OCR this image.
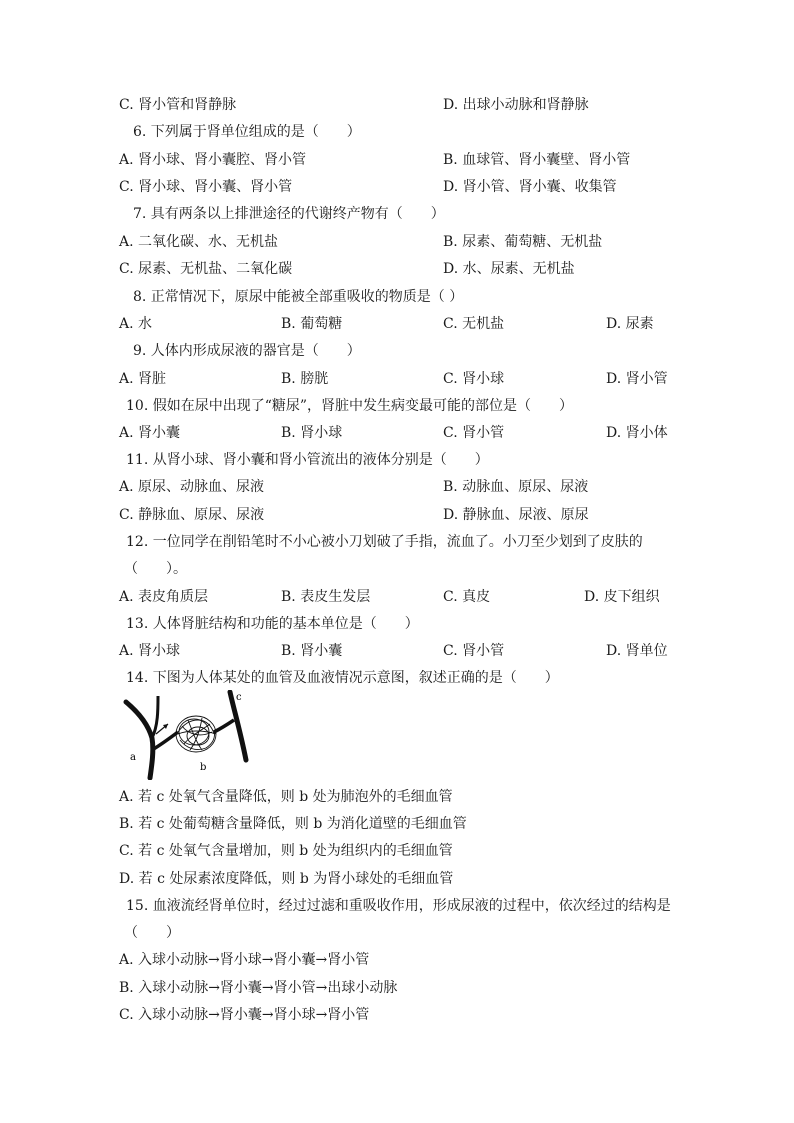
C. 肾小管和肾静脉	D. 出球小动脉和肾静脉
6. 下列属于肾单位组成的是（　　）
A. 肾小球、肾小囊腔、肾小管	B. 血球管、肾小囊壁、肾小管
C. 肾小球、肾小囊、肾小管	D. 肾小管、肾小囊、收集管
7. 具有两条以上排泄途径的代谢终产物有（　　）
A. 二氧化碳、水、无机盐	B. 尿素、葡萄糖、无机盐
C. 尿素、无机盐、二氧化碳	D. 水、尿素、无机盐
8. 正常情况下，原尿中能被全部重吸收的物质是（ ）
A. 水	B. 葡萄糖	C. 无机盐	D. 尿素
9. 人体内形成尿液的器官是（　　）
A. 肾脏	B. 膀胱	C. 肾小球	D. 肾小管
10. 假如在尿中出现了“糖尿”，肾脏中发生病变最可能的部位是（　　）
A. 肾小囊	B. 肾小球	C. 肾小管	D. 肾小体
11. 从肾小球、肾小囊和肾小管流出的液体分别是（　　）
A. 原尿、动脉血、尿液	B. 动脉血、原尿、尿液
C. 静脉血、原尿、尿液	D. 静脉血、尿液、原尿
12. 一位同学在削铅笔时不小心被小刀划破了手指，流血了。小刀至少划到了皮肤的
（　　）。
A. 表皮角质层	B. 表皮生发层	C. 真皮	D. 皮下组织
13. 人体肾脏结构和功能的基本单位是（　　）
A. 肾小球	B. 肾小囊	C. 肾小管	D. 肾单位
14. 下图为人体某处的血管及血液情况示意图，叙述正确的是（　　）
a
b
c
A. 若 c 处氧气含量降低，则 b 处为肺泡外的毛细血管
B. 若 c 处葡萄糖含量降低，则 b 为消化道壁的毛细血管
C. 若 c 处氧气含量增加，则 b 处为组织内的毛细血管
D. 若 c 处尿素浓度降低，则 b 为肾小球处的毛细血管
15. 血液流经肾单位时，经过过滤和重吸收作用，形成尿液的过程中，依次经过的结构是
（　　）
A. 入球小动脉→肾小球→肾小囊→肾小管
B. 入球小动脉→肾小囊→肾小管→出球小动脉
C. 入球小动脉→肾小囊→肾小球→肾小管
